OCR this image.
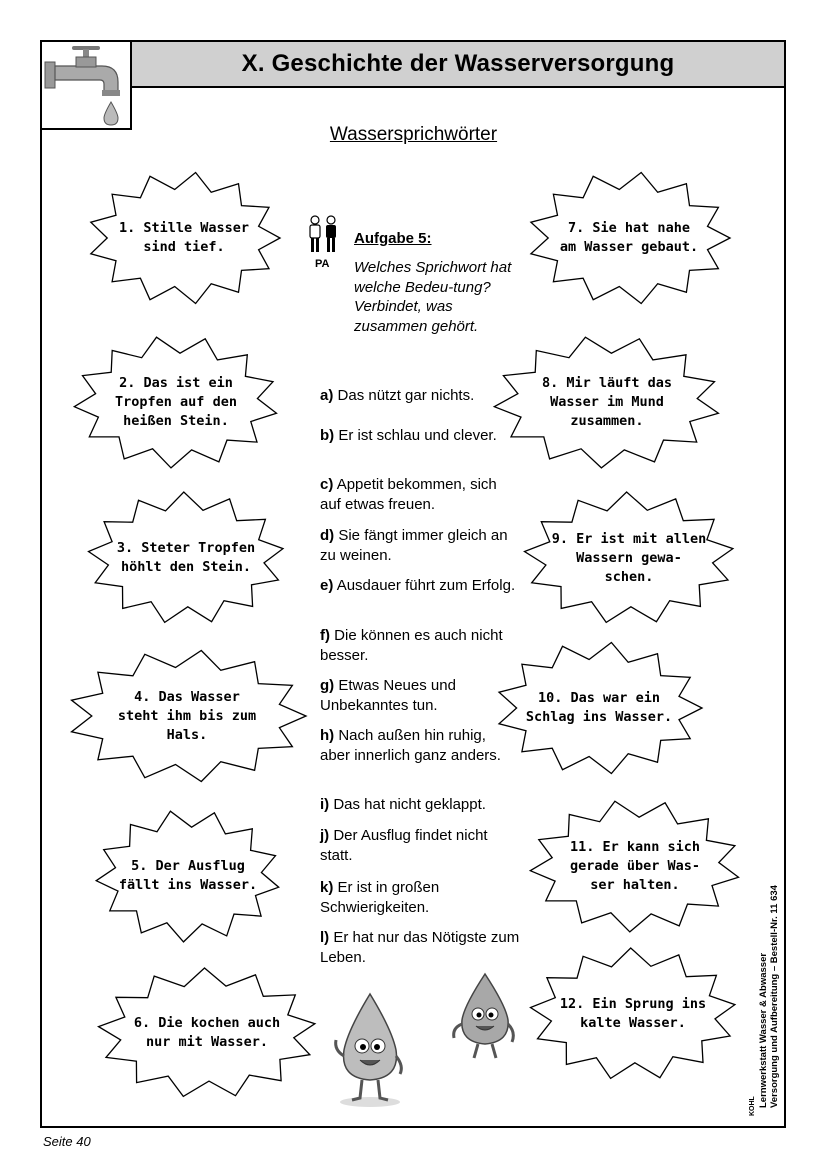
X. Geschichte der Wasserversorgung
Wassersprichwörter
1. Stille Wasser
sind tief.
2. Das ist ein
Tropfen auf den
heißen Stein.
3. Steter Tropfen
höhlt den Stein.
4. Das Wasser
steht ihm bis zum
Hals.
5. Der Ausflug
fällt ins Wasser.
6. Die kochen auch
nur mit Wasser.
7. Sie hat nahe
am Wasser gebaut.
8. Mir läuft das
Wasser im Mund
zusammen.
9. Er ist mit allen
Wassern gewa-
schen.
10. Das war ein
Schlag ins Wasser.
11. Er kann sich
gerade über Was-
ser halten.
12. Ein Sprung ins
kalte Wasser.
PA
Aufgabe 5:
Welches Sprichwort hat welche Bedeu-tung? Verbindet, was zusammen gehört.
a) Das nützt gar nichts.
b) Er ist schlau und clever.
c) Appetit bekommen, sich auf etwas freuen.
d) Sie fängt immer gleich an zu weinen.
e) Ausdauer führt zum Erfolg.
f) Die können es auch nicht besser.
g) Etwas Neues und Unbekanntes tun.
h) Nach außen hin ruhig, aber innerlich ganz anders.
i) Das hat nicht geklappt.
j) Der Ausflug findet nicht statt.
k) Er ist in großen Schwierigkeiten.
l) Er hat nur das Nötigste zum Leben.	Lernwerkstatt Wasser & Abwasser Versorgung und Aufbereitung – Bestell-Nr. 11 634
KOHL
Seite 40
